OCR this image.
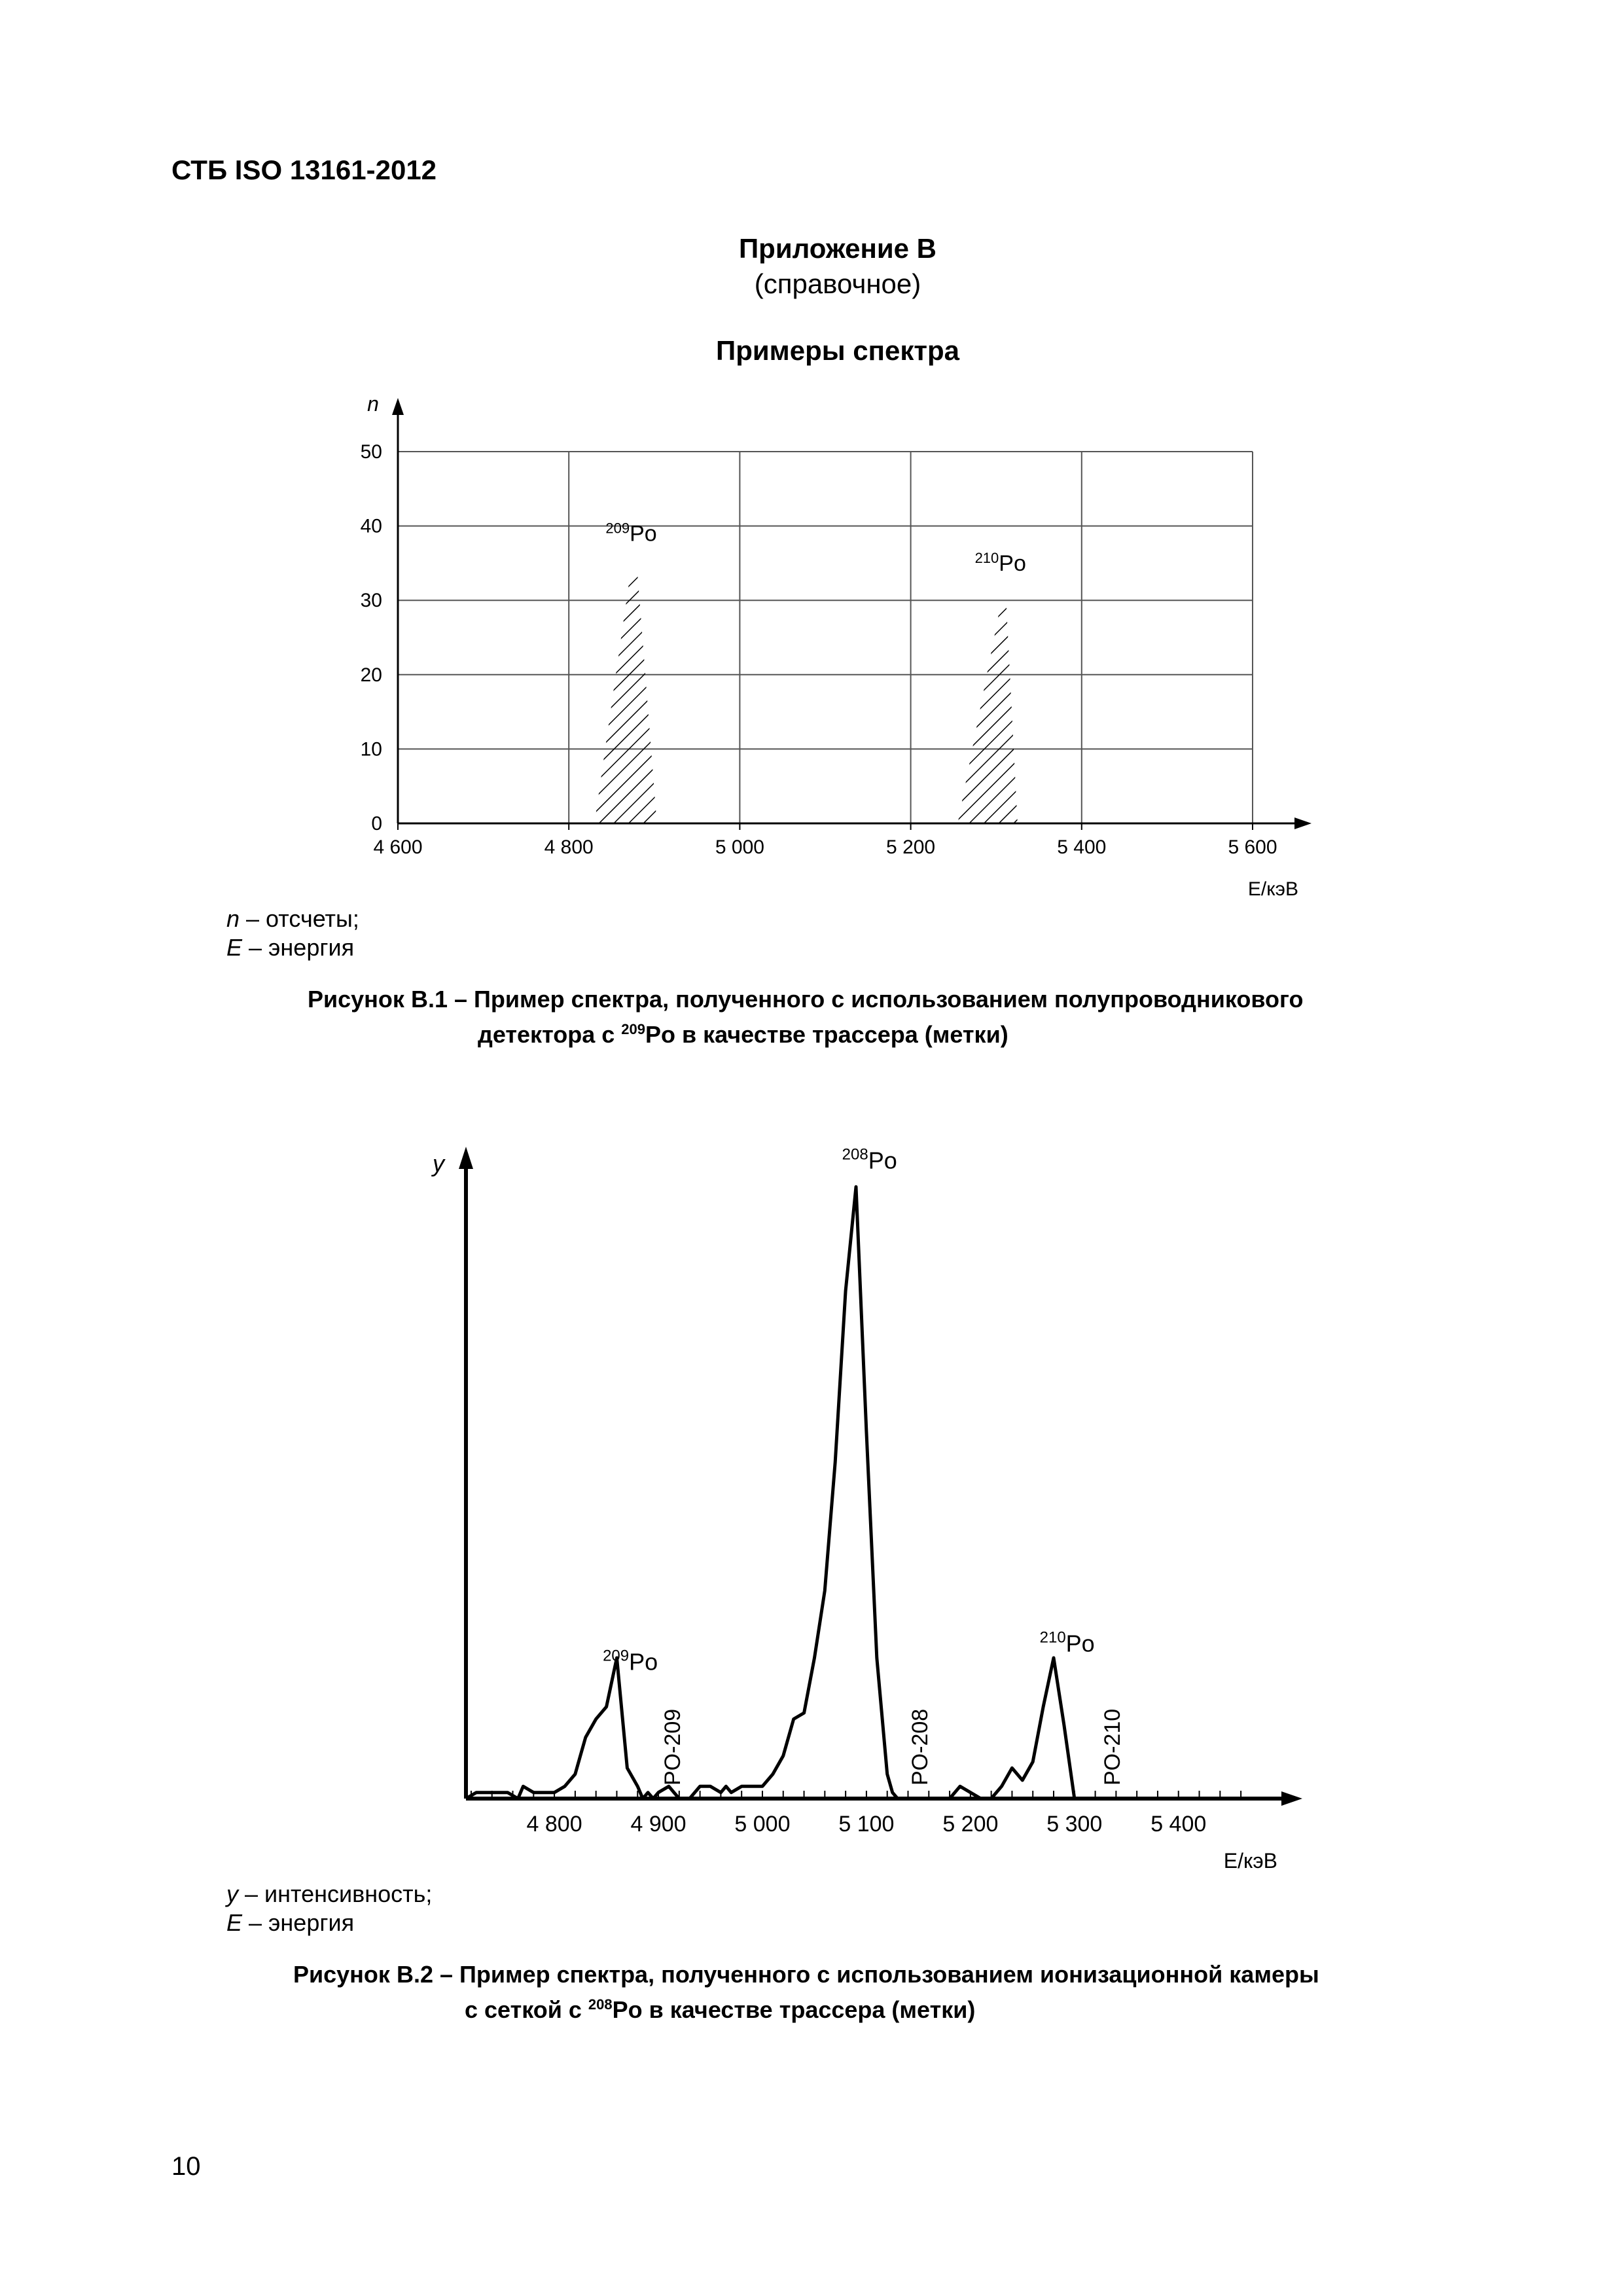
СТБ ISO 13161-2012
Приложение В
(справочное)
Примеры спектра
$^{209}$Po
$^{210}$Po
4 600	4 800	5 000	5 200	5 400	5 600
0
10
20
30
40
50
n
E/кэВ
n – отсчеты;
E – энергия
Рисунок В.1 – Пример спектра, полученного с использованием полупроводникового
детектора с $^{209}$Po в качестве трассера (метки)
4 800 4 900 5 000 5 100 5 200 5 300 5 400
PO-209	PO-208	PO-210
$^{209}$Po
$^{208}$Po
$^{210}$Po
y
E/кэВ
y – интенсивность;
E – энергия
Рисунок В.2 – Пример спектра, полученного с использованием ионизационной камеры
с сеткой с $^{208}$Po в качестве трассера (метки)
10
